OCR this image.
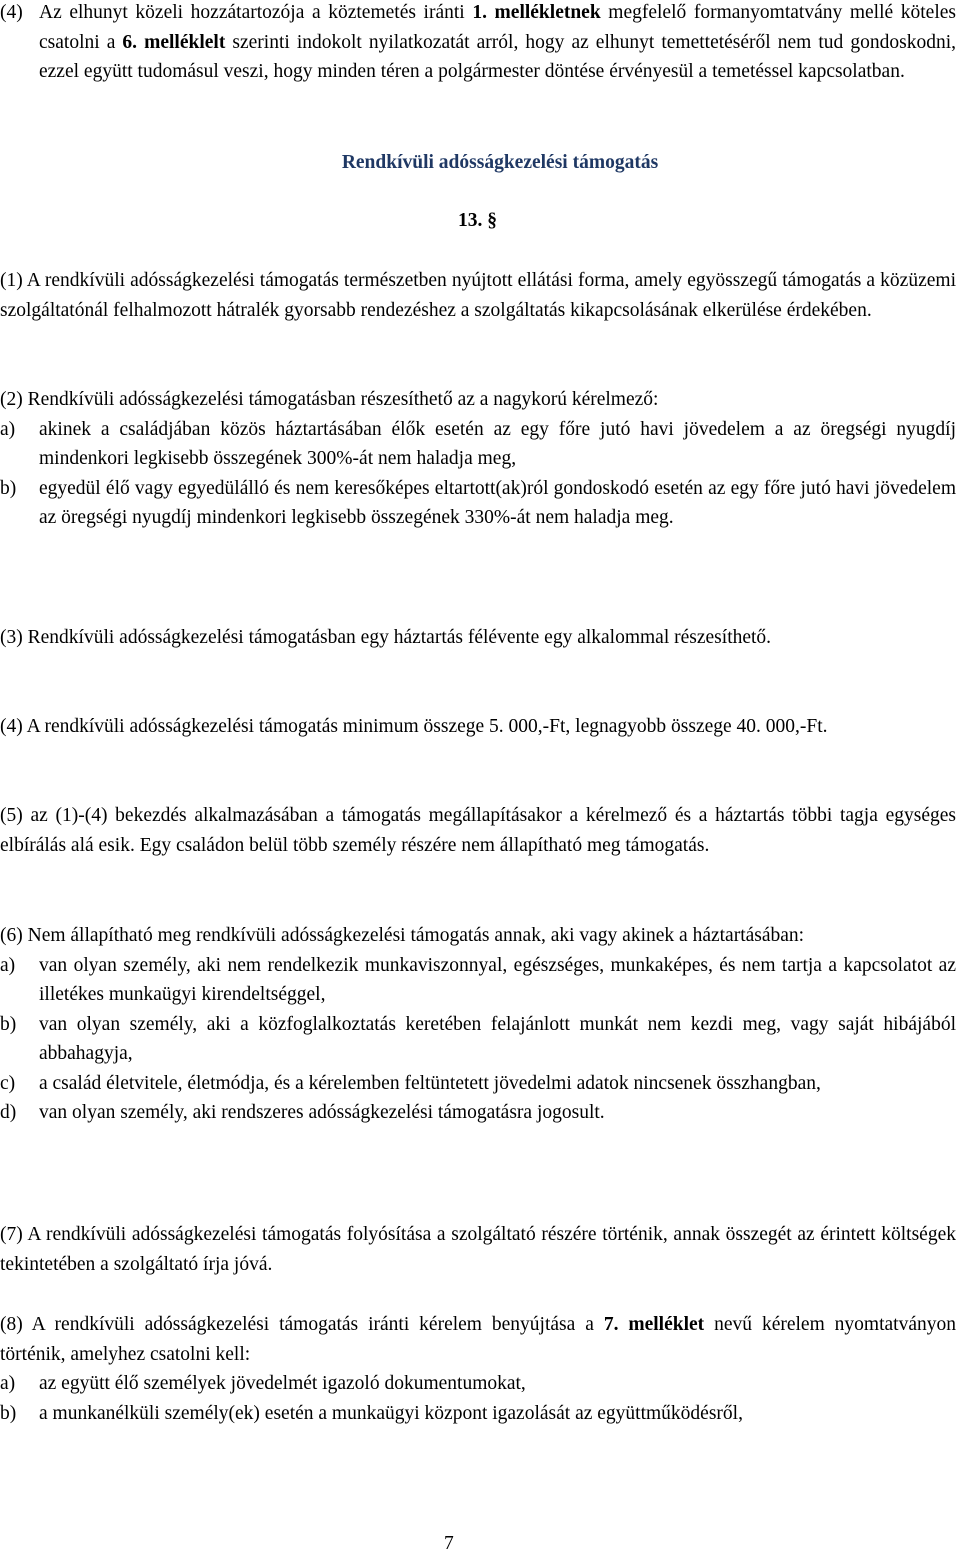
(4) Az elhunyt közeli hozzátartozója a köztemetés iránti 1. mellékletnek megfelelő formanyomtatvány mellé köteles csatolni a 6. melléklelt szerinti indokolt nyilatkozatát arról, hogy az elhunyt temettetéséről nem tud gondoskodni, ezzel együtt tudomásul veszi, hogy minden téren a polgármester döntése érvényesül a temetéssel kapcsolatban.
Rendkívüli adósságkezelési támogatás
13. §
(1) A rendkívüli adósságkezelési támogatás természetben nyújtott ellátási forma, amely egyösszegű támogatás a közüzemi szolgáltatónál felhalmozott hátralék gyorsabb rendezéshez a szolgáltatás kikapcsolásának elkerülése érdekében.
(2) Rendkívüli adósságkezelési támogatásban részesíthető az a nagykorú kérelmező:
a)	akinek a családjában közös háztartásában élők esetén az egy főre jutó havi jövedelem a az öregségi nyugdíj mindenkori legkisebb összegének 300%-át nem haladja meg,
b)	egyedül élő vagy egyedülálló és nem keresőképes eltartott(ak)ról gondoskodó esetén az egy főre jutó havi jövedelem az öregségi nyugdíj mindenkori legkisebb összegének 330%-át nem haladja meg.
(3) Rendkívüli adósságkezelési támogatásban egy háztartás félévente egy alkalommal részesíthető.
(4) A rendkívüli adósságkezelési támogatás minimum összege 5. 000,-Ft, legnagyobb összege 40. 000,-Ft.
(5) az (1)-(4) bekezdés alkalmazásában a támogatás megállapításakor a kérelmező és a háztartás többi tagja egységes elbírálás alá esik. Egy családon belül több személy részére nem állapítható meg támogatás.
(6) Nem állapítható meg rendkívüli adósságkezelési támogatás annak, aki vagy akinek a háztartásában:
a)	van olyan személy, aki nem rendelkezik munkaviszonnyal, egészséges, munkaképes, és nem tartja a kapcsolatot az illetékes munkaügyi kirendeltséggel,
b)	van olyan személy, aki a közfoglalkoztatás keretében felajánlott munkát nem kezdi meg, vagy saját hibájából abbahagyja,
c)	a család életvitele, életmódja, és a kérelemben feltüntetett jövedelmi adatok nincsenek összhangban,
d)	van olyan személy, aki rendszeres adósságkezelési támogatásra jogosult.
(7) A rendkívüli adósságkezelési támogatás folyósítása a szolgáltató részére történik, annak összegét az érintett költségek tekintetében a szolgáltató írja jóvá.
(8) A rendkívüli adósságkezelési támogatás iránti kérelem benyújtása a 7. melléklet nevű kérelem nyomtatványon történik, amelyhez csatolni kell:
a)	az együtt élő személyek jövedelmét igazoló dokumentumokat,
b)	a munkanélküli személy(ek) esetén a munkaügyi központ igazolását az együttműködésről,
7
